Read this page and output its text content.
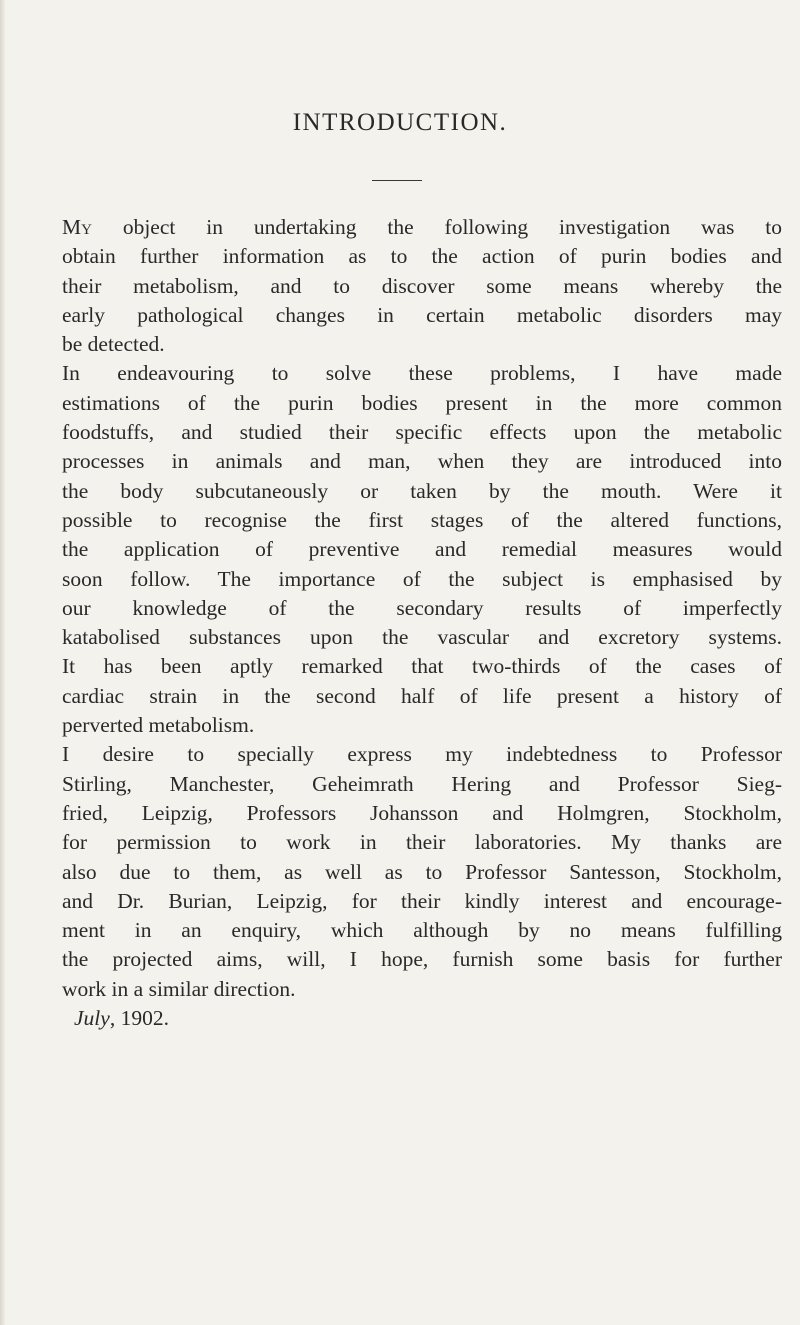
INTRODUCTION.
My object in undertaking the following investigation was to
obtain further information as to the action of purin bodies and
their metabolism, and to discover some means whereby the
early pathological changes in certain metabolic disorders may
be detected.
In endeavouring to solve these problems, I have made
estimations of the purin bodies present in the more common
foodstuffs, and studied their specific effects upon the metabolic
processes in animals and man, when they are introduced into
the body subcutaneously or taken by the mouth. Were it
possible to recognise the first stages of the altered functions,
the application of preventive and remedial measures would
soon follow. The importance of the subject is emphasised by
our knowledge of the secondary results of imperfectly
katabolised substances upon the vascular and excretory systems.
It has been aptly remarked that two-thirds of the cases of
cardiac strain in the second half of life present a history of
perverted metabolism.
I desire to specially express my indebtedness to Professor
Stirling, Manchester, Geheimrath Hering and Professor Sieg-
fried, Leipzig, Professors Johansson and Holmgren, Stockholm,
for permission to work in their laboratories. My thanks are
also due to them, as well as to Professor Santesson, Stockholm,
and Dr. Burian, Leipzig, for their kindly interest and encourage-
ment in an enquiry, which although by no means fulfilling
the projected aims, will, I hope, furnish some basis for further
work in a similar direction.
July, 1902.
